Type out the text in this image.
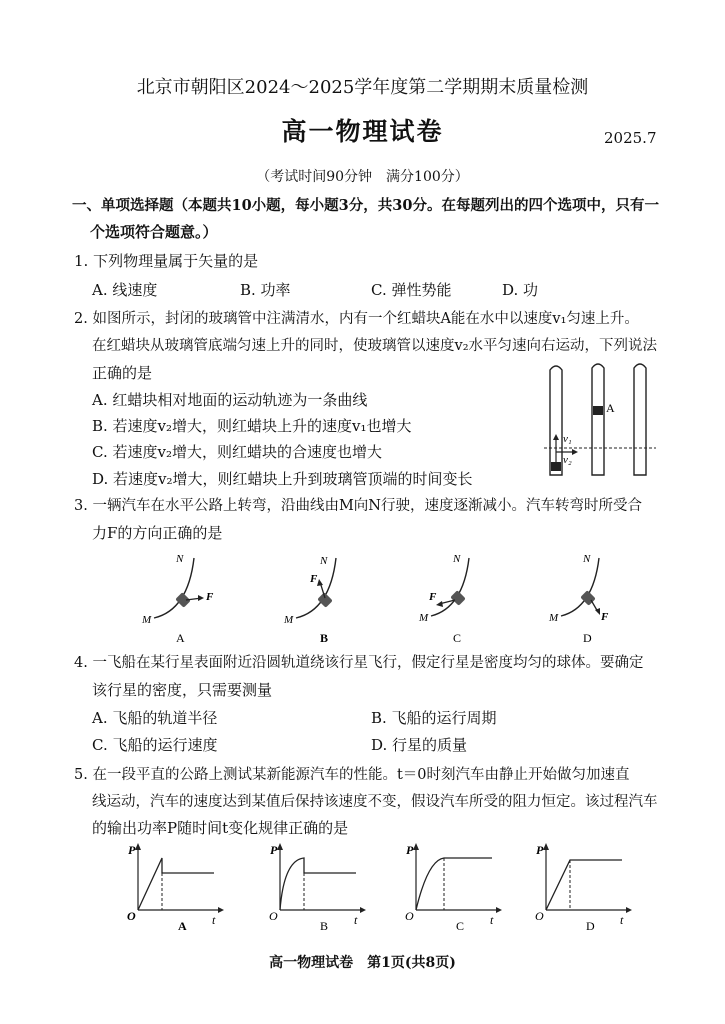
北京市朝阳区2024～2025学年度第二学期期末质量检测
高一物理试卷	2025.7
（考试时间90分钟　满分100分）
一、单项选择题（本题共10小题，每小题3分，共30分。在每题列出的四个选项中，只有一
个选项符合题意。）
1. 下列物理量属于矢量的是
A. 线速度	B. 功率	C. 弹性势能	D. 功
2. 如图所示，封闭的玻璃管中注满清水，内有一个红蜡块A能在水中以速度v₁匀速上升。
在红蜡块从玻璃管底端匀速上升的同时，使玻璃管以速度v₂水平匀速向右运动，下列说法
正确的是
A. 红蜡块相对地面的运动轨迹为一条曲线
B. 若速度v₂增大，则红蜡块上升的速度v₁也增大
C. 若速度v₂增大，则红蜡块的合速度也增大
D. 若速度v₂增大，则红蜡块上升到玻璃管顶端的时间变长
A
v₁
v₂
3. 一辆汽车在水平公路上转弯，沿曲线由M向N行驶，速度逐渐减小。汽车转弯时所受合
力F的方向正确的是
M
N
F
A
M
N
F
B
M
N
F
C
M
N
F
D
4. 一飞船在某行星表面附近沿圆轨道绕该行星飞行，假定行星是密度均匀的球体。要确定
该行星的密度，只需要测量
A. 飞船的轨道半径	B. 飞船的运行周期
C. 飞船的运行速度	D. 行星的质量
5. 在一段平直的公路上测试某新能源汽车的性能。t＝0时刻汽车由静止开始做匀加速直
线运动，汽车的速度达到某值后保持该速度不变，假设汽车所受的阻力恒定。该过程汽车
的输出功率P随时间t变化规律正确的是
P
t
O
A
P
t
O
B
P
t
O
C
P
t
O
D
高一物理试卷　第1页(共8页)
